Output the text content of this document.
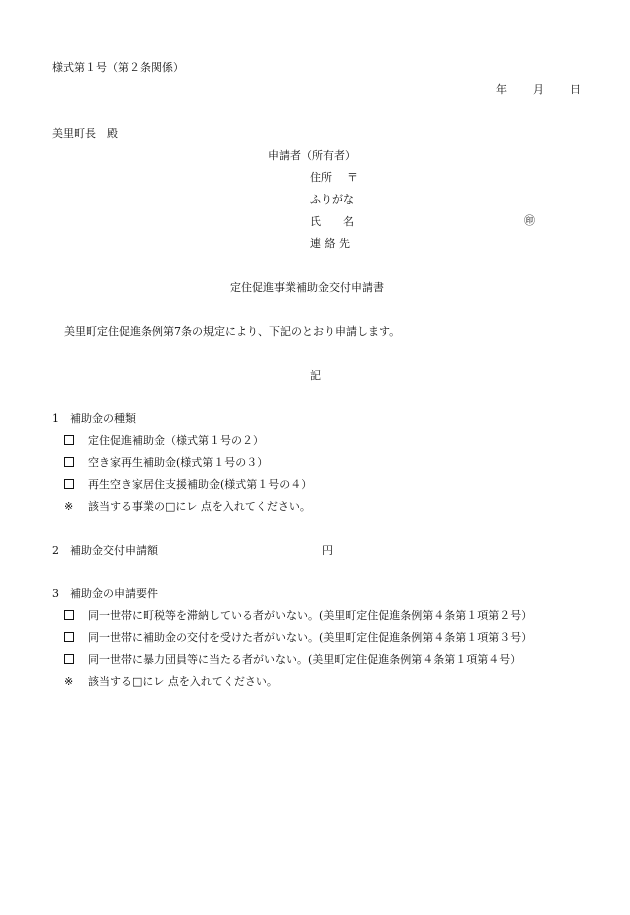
様式第１号（第２条関係）
年 月 日
美里町長　殿
申請者（所有者）
住所 〒
ふりがな
氏　　名	㊞
連 絡 先
定住促進事業補助金交付申請書
美里町定住促進条例第7条の規定により、下記のとおり申請します。
記
1　補助金の種類
定住促進補助金（様式第１号の２）
空き家再生補助金(様式第１号の３）
再生空き家居住支援補助金(様式第１号の４）
※ 該当する事業の□にレ 点を入れてください。
2　補助金交付申請額	円
3　補助金の申請要件
同一世帯に町税等を滞納している者がいない。(美里町定住促進条例第４条第１項第２号）
同一世帯に補助金の交付を受けた者がいない。(美里町定住促進条例第４条第１項第３号）
同一世帯に暴力団員等に当たる者がいない。(美里町定住促進条例第４条第１項第４号）
※ 該当する□にレ 点を入れてください。
